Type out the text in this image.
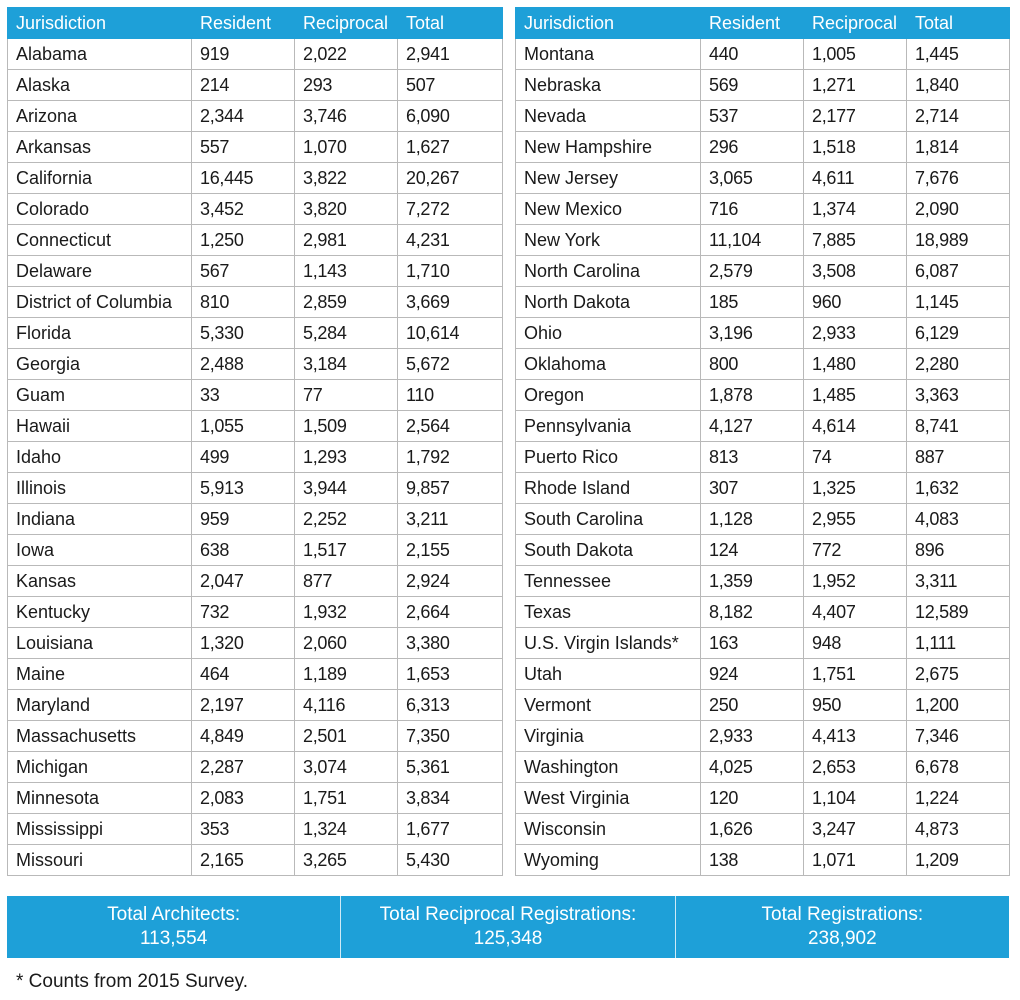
Jurisdiction	Resident	Reciprocal	Total
Alabama	919	2,022	2,941
Alaska	214	293	507
Arizona	2,344	3,746	6,090
Arkansas	557	1,070	1,627
California	16,445	3,822	20,267
Colorado	3,452	3,820	7,272
Connecticut	1,250	2,981	4,231
Delaware	567	1,143	1,710
District of Columbia	810	2,859	3,669
Florida	5,330	5,284	10,614
Georgia	2,488	3,184	5,672
Guam	33	77	110
Hawaii	1,055	1,509	2,564
Idaho	499	1,293	1,792
Illinois	5,913	3,944	9,857
Indiana	959	2,252	3,211
Iowa	638	1,517	2,155
Kansas	2,047	877	2,924
Kentucky	732	1,932	2,664
Louisiana	1,320	2,060	3,380
Maine	464	1,189	1,653
Maryland	2,197	4,116	6,313
Massachusetts	4,849	2,501	7,350
Michigan	2,287	3,074	5,361
Minnesota	2,083	1,751	3,834
Mississippi	353	1,324	1,677
Missouri	2,165	3,265	5,430
Jurisdiction	Resident	Reciprocal	Total
Montana	440	1,005	1,445
Nebraska	569	1,271	1,840
Nevada	537	2,177	2,714
New Hampshire	296	1,518	1,814
New Jersey	3,065	4,611	7,676
New Mexico	716	1,374	2,090
New York	11,104	7,885	18,989
North Carolina	2,579	3,508	6,087
North Dakota	185	960	1,145
Ohio	3,196	2,933	6,129
Oklahoma	800	1,480	2,280
Oregon	1,878	1,485	3,363
Pennsylvania	4,127	4,614	8,741
Puerto Rico	813	74	887
Rhode Island	307	1,325	1,632
South Carolina	1,128	2,955	4,083
South Dakota	124	772	896
Tennessee	1,359	1,952	3,311
Texas	8,182	4,407	12,589
U.S. Virgin Islands*	163	948	1,111
Utah	924	1,751	2,675
Vermont	250	950	1,200
Virginia	2,933	4,413	7,346
Washington	4,025	2,653	6,678
West Virginia	120	1,104	1,224
Wisconsin	1,626	3,247	4,873
Wyoming	138	1,071	1,209
Total Architects:
113,554
Total Reciprocal Registrations:
125,348
Total Registrations:
238,902
* Counts from 2015 Survey.
